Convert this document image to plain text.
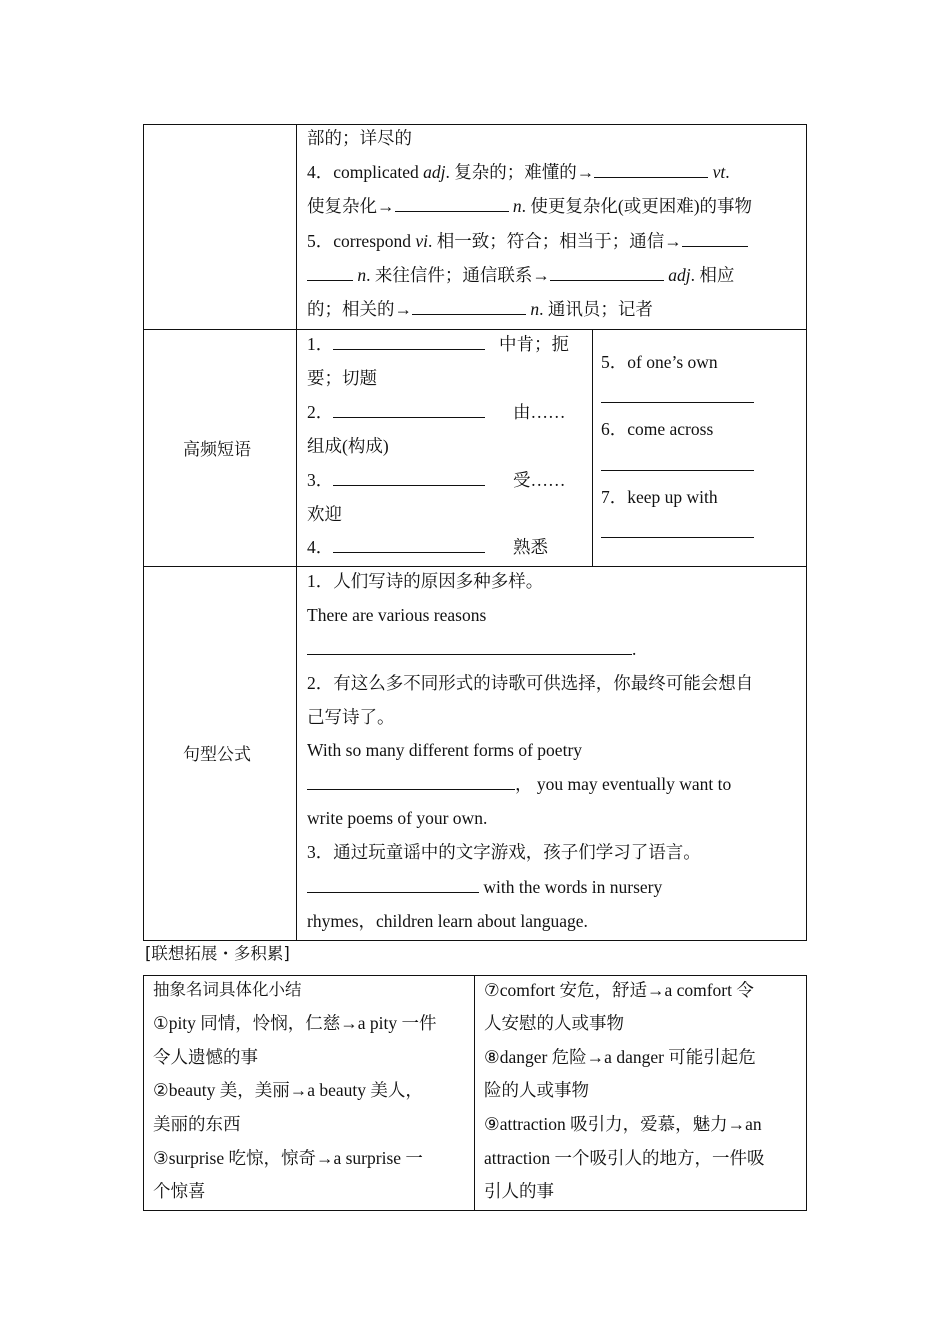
部的；详尽的
4．complicated adj. 复杂的；难懂的→	vt.
使复杂化→	n. 使更复杂化(或更困难)的事物
5．correspond vi. 相一致；符合；相当于；通信→
n. 来往信件；通信联系→	adj. 相应
的；相关的→	n. 通讯员；记者
高频短语
1．	中肯；扼
要；切题
2．	由……
组成(构成)
3．	受……
欢迎
4．	熟悉
5．of one’s own
6．come across
7．keep up with
句型公式
1．人们写诗的原因多种多样。
There are various reasons
.
2．有这么多不同形式的诗歌可供选择，你最终可能会想自
己写诗了。
With so many different forms of poetry
， you may eventually want to
write poems of your own.
3．通过玩童谣中的文字游戏，孩子们学习了语言。
with the words in nursery
rhymes，children learn about language.
[联想拓展・多积累]
抽象名词具体化小结
①pity 同情，怜悯，仁慈→a pity 一件
令人遗憾的事
②beauty 美，美丽→a beauty 美人，
美丽的东西
③surprise 吃惊，惊奇→a surprise 一
个惊喜
⑦comfort 安危，舒适→a comfort 令
人安慰的人或事物
⑧danger 危险→a danger 可能引起危
险的人或事物
⑨attraction 吸引力，爱慕，魅力→an
attraction 一个吸引人的地方，一件吸
引人的事
